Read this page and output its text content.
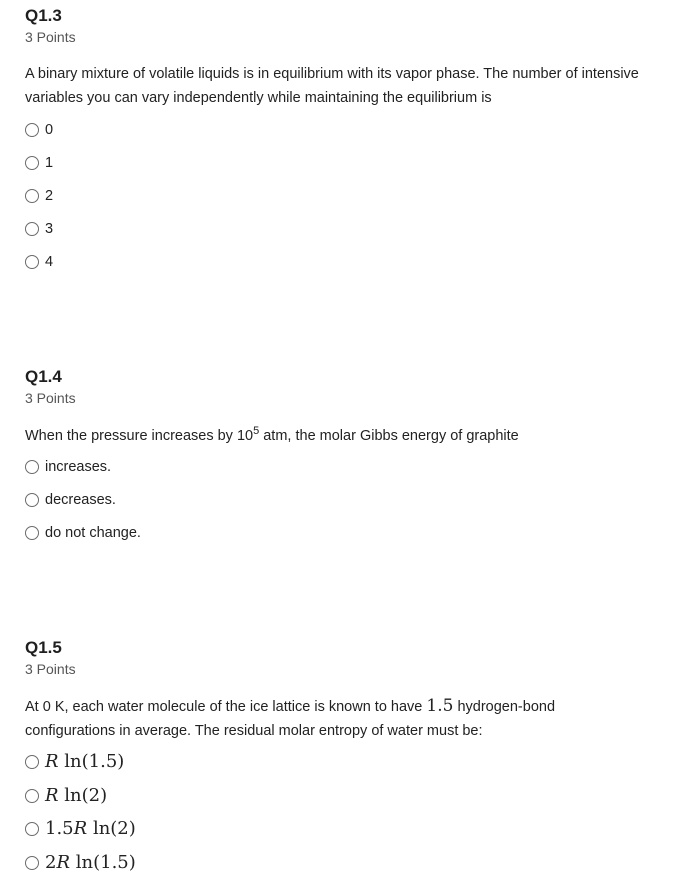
Q1.3
3 Points
A binary mixture of volatile liquids is in equilibrium with its vapor phase. The number of intensive variables you can vary independently while maintaining the equilibrium is
0
1
2
3
4
Q1.4
3 Points
When the pressure increases by $10^5$ atm, the molar Gibbs energy of graphite
increases.
decreases.
do not change.
Q1.5
3 Points
At 0 K, each water molecule of the ice lattice is known to have 1.5 hydrogen-bond configurations in average. The residual molar entropy of water must be:
R ln(1.5)
R ln(2)
1.5R ln(2)
2R ln(1.5)
